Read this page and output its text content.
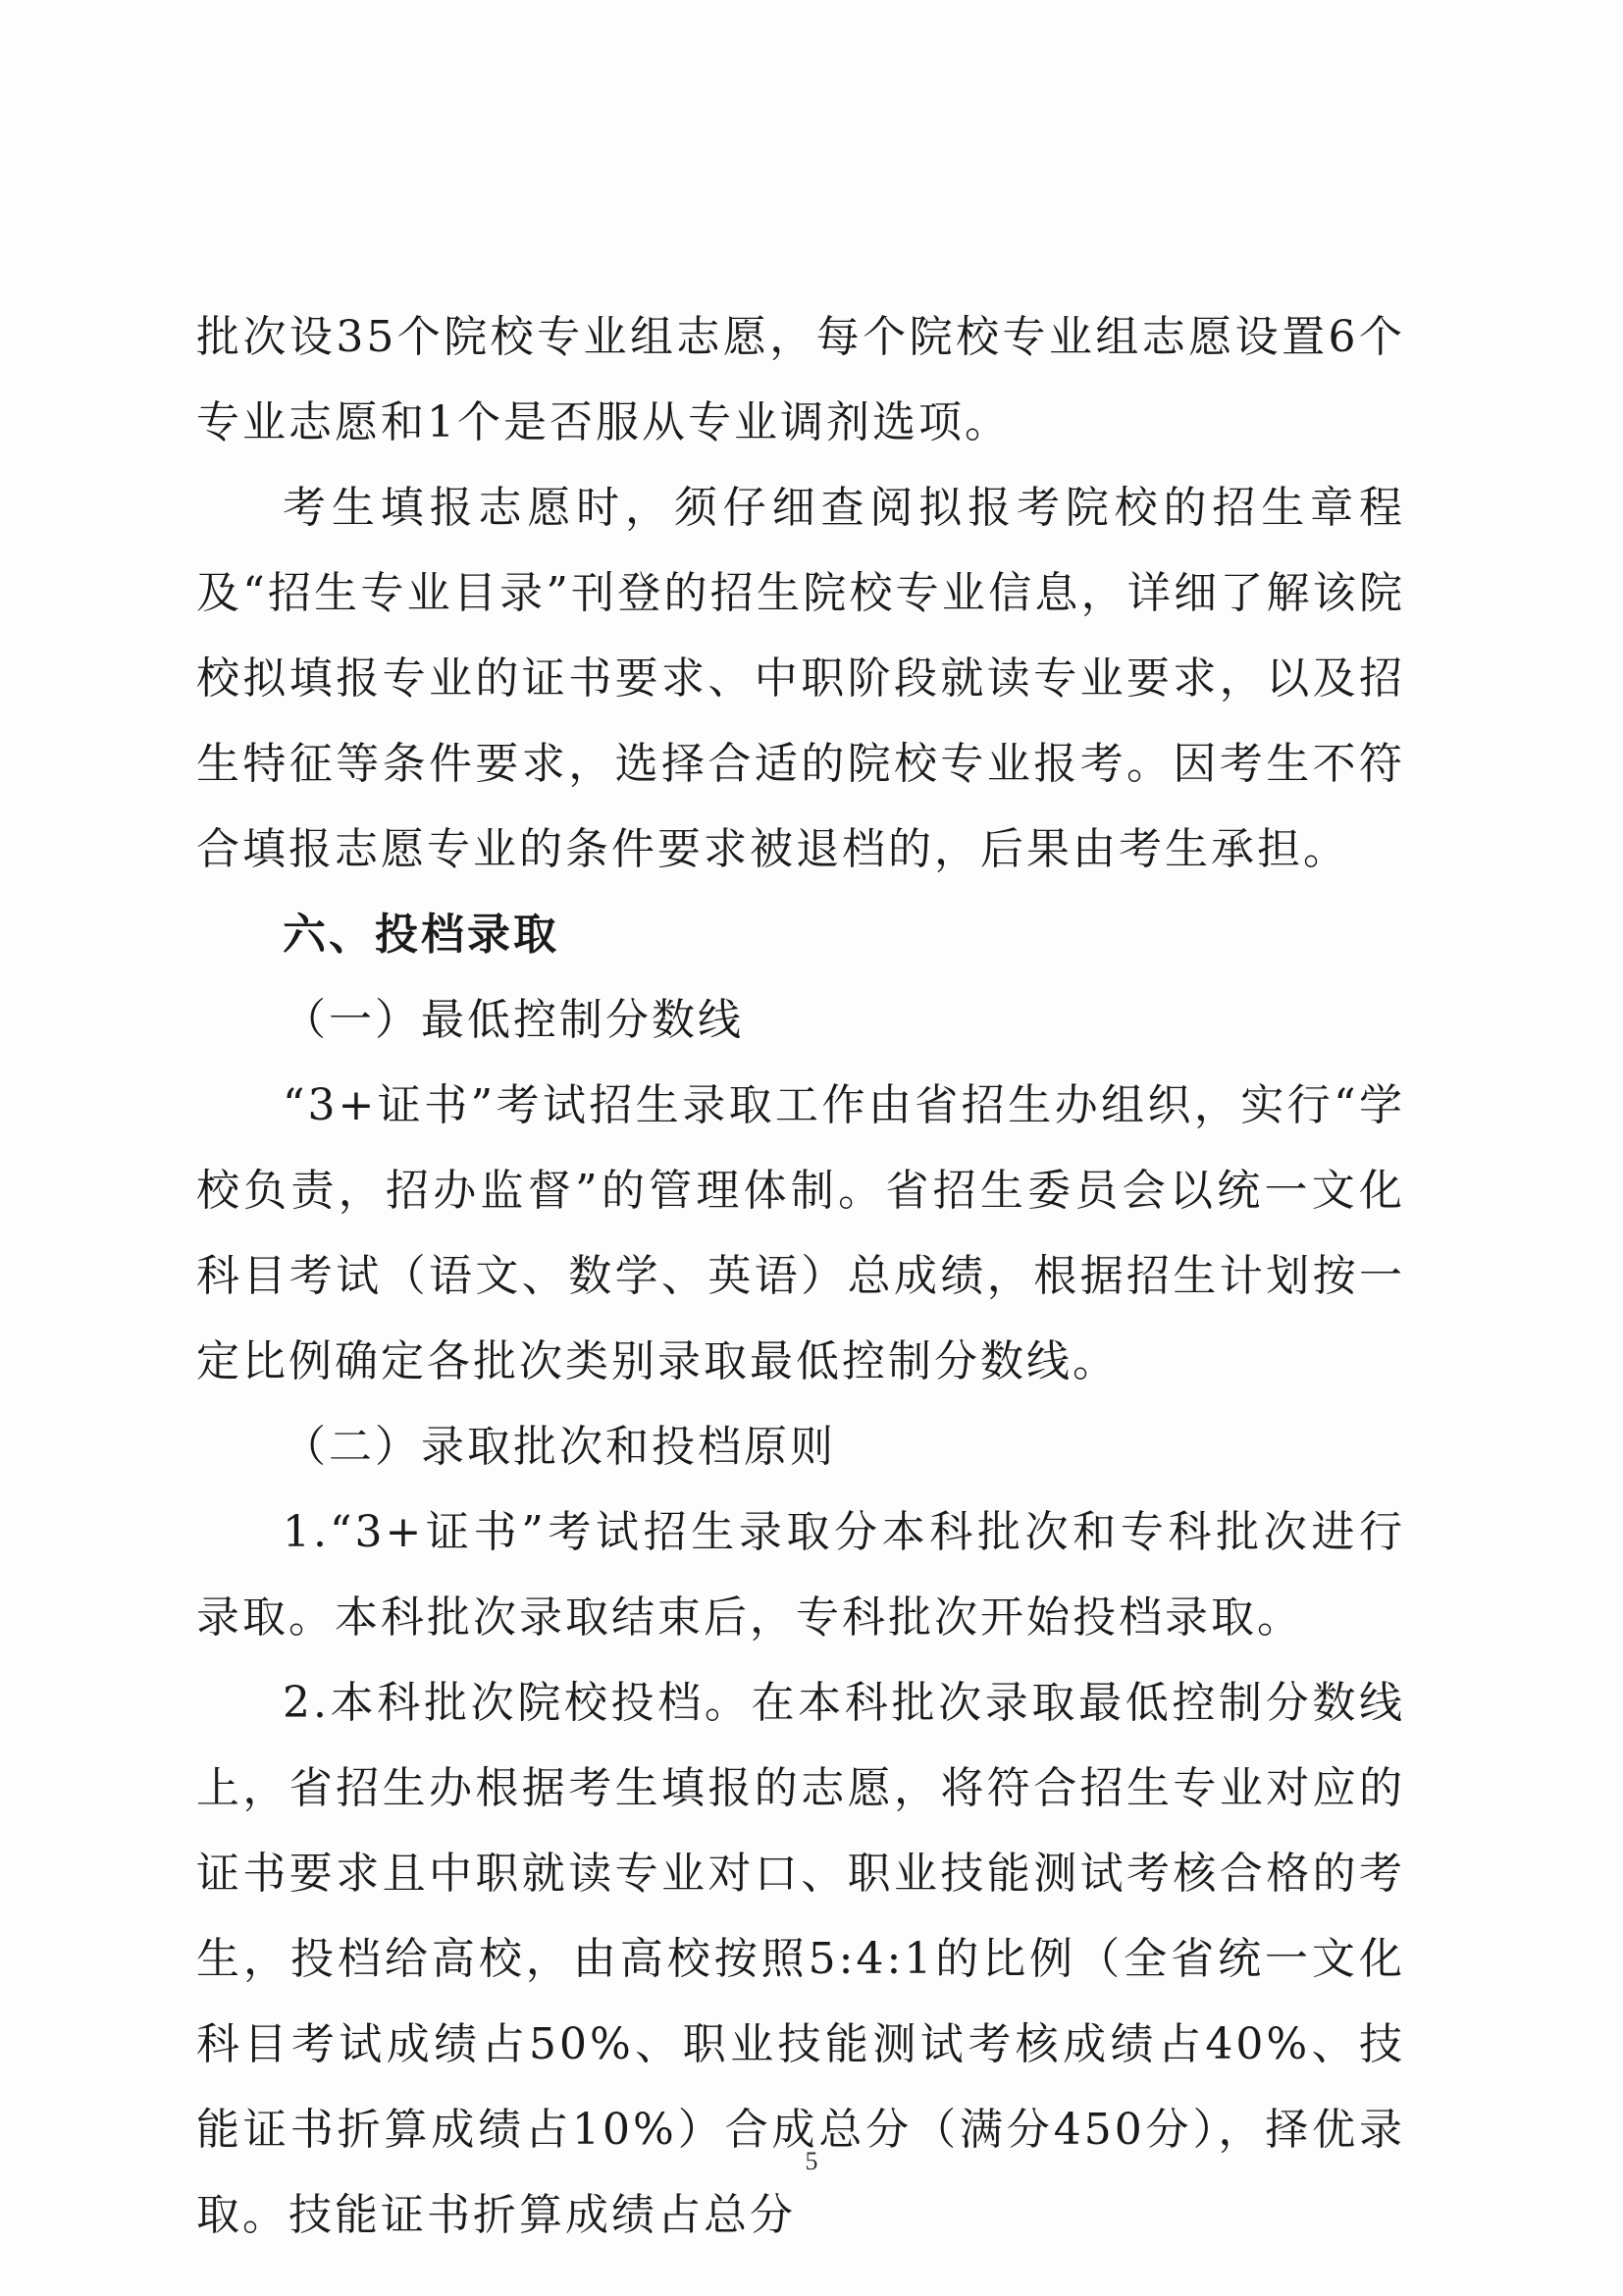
批次设35个院校专业组志愿，每个院校专业组志愿设置6个专业志愿和1个是否服从专业调剂选项。

考生填报志愿时，须仔细查阅拟报考院校的招生章程及“招生专业目录”刊登的招生院校专业信息，详细了解该院校拟填报专业的证书要求、中职阶段就读专业要求，以及招生特征等条件要求，选择合适的院校专业报考。因考生不符合填报志愿专业的条件要求被退档的，后果由考生承担。

六、投档录取

（一）最低控制分数线

“3+证书”考试招生录取工作由省招生办组织，实行“学校负责，招办监督”的管理体制。省招生委员会以统一文化科目考试（语文、数学、英语）总成绩，根据招生计划按一定比例确定各批次类别录取最低控制分数线。

（二）录取批次和投档原则

1.“3+证书”考试招生录取分本科批次和专科批次进行录取。本科批次录取结束后，专科批次开始投档录取。

2.本科批次院校投档。在本科批次录取最低控制分数线上，省招生办根据考生填报的志愿，将符合招生专业对应的证书要求且中职就读专业对口、职业技能测试考核合格的考生，投档给高校，由高校按照5:4:1的比例（全省统一文化科目考试成绩占50%、职业技能测试考核成绩占40%、技能证书折算成绩占10%）合成总分（满分450分），择优录取。技能证书折算成绩占总分

5
